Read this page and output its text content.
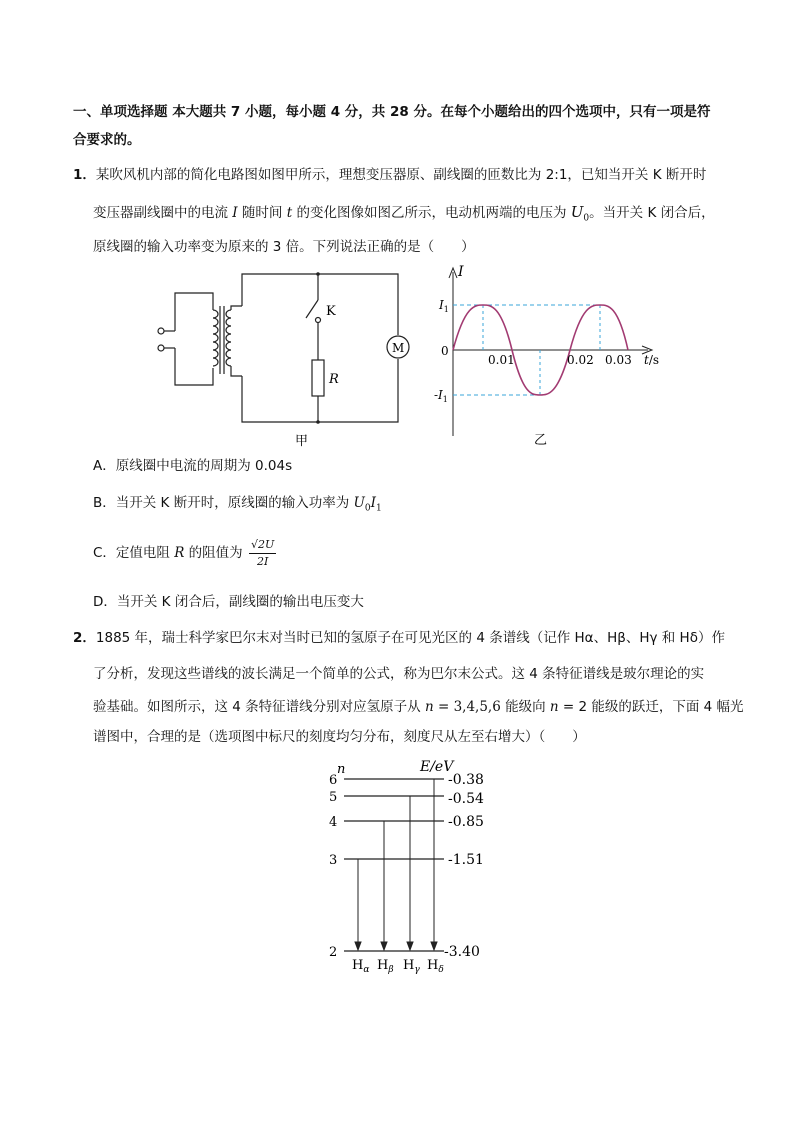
一、单项选择题 本大题共 7 小题，每小题 4 分，共 28 分。在每个小题给出的四个选项中，只有一项是符
合要求的。
1．某吹风机内部的简化电路图如图甲所示，理想变压器原、副线圈的匝数比为 2:1，已知当开关 K 断开时
变压器副线圈中的电流 I 随时间 t 的变化图像如图乙所示，电动机两端的电压为 $U_0$。当开关 K 闭合后，
原线圈的输入功率变为原来的 3 倍。下列说法正确的是（　　）
K
R
M
甲
I
$I_1$
$-I_1$
0
0.01	0.02 0.03 t/s
乙
A．原线圈中电流的周期为 0.04s
B．当开关 K 断开时，原线圈的输入功率为 $U_0I_1$
C．定值电阻 R 的阻值为 $\frac{√2U}{2I}$
D．当开关 K 闭合后，副线圈的输出电压变大
2．1885 年，瑞士科学家巴尔末对当时已知的氢原子在可见光区的 4 条谱线（记作 Hα、Hβ、Hγ 和 Hδ）作
了分析，发现这些谱线的波长满足一个简单的公式，称为巴尔末公式。这 4 条特征谱线是玻尔理论的实
验基础。如图所示，这 4 条特征谱线分别对应氢原子从 n = 3,4,5,6 能级向 n = 2 能级的跃迁，下面 4 幅光
谱图中，合理的是（选项图中标尺的刻度均匀分布，刻度尺从左至右增大）（　　）
n	E/eV
6
5
4
3
2
-0.38
-0.54
-0.85
-1.51
-3.40
$H_\alpha$ $H_\beta$ $H_\gamma$ $H_\delta$
